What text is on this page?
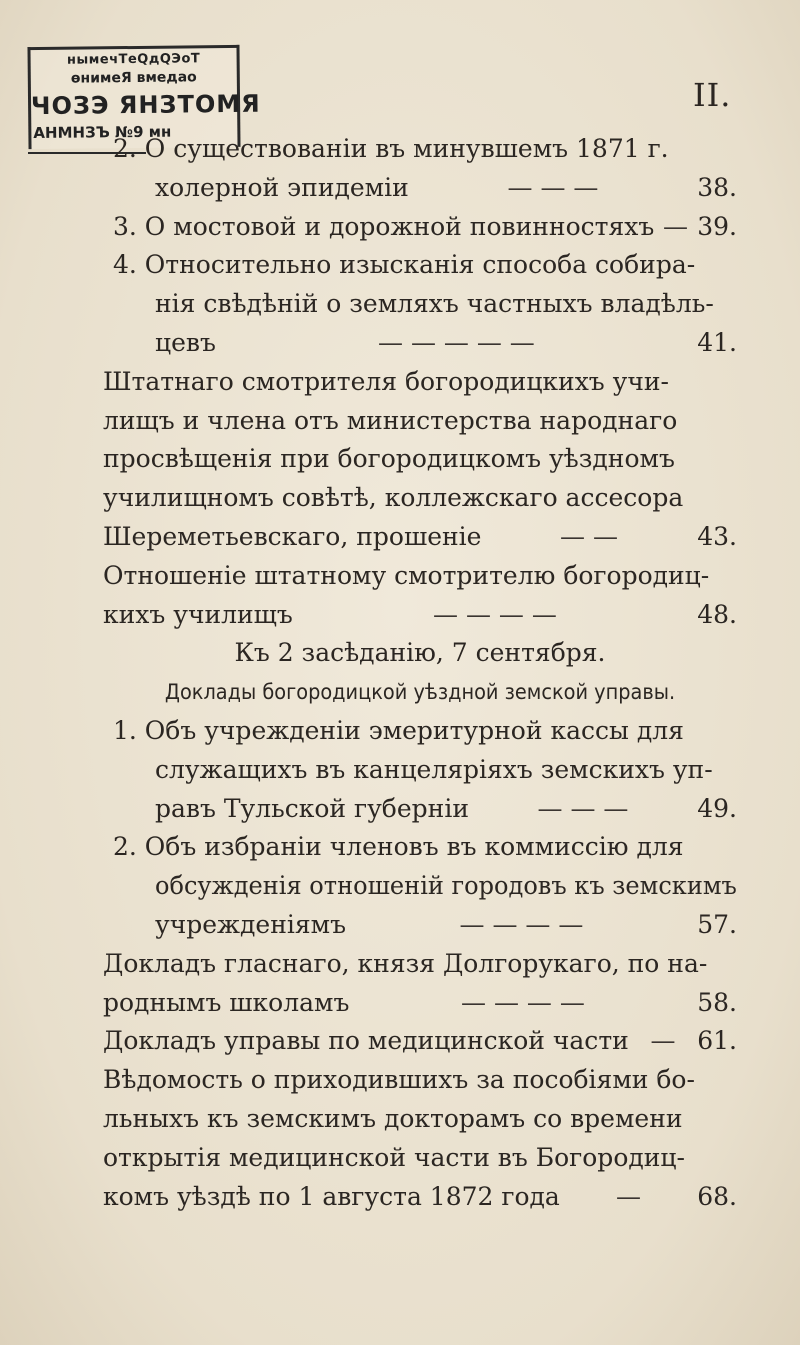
нымечТеQдQЭоТ
ѳнимеЯ вмедао
ЧОЗЭ ЯНЗТОМЯ
АНМНЗЪ №9 мн
II.
2. О существованіи въ минувшемъ 1871 г.
холерной эпидеміи	— — —	38.
3. О мостовой и дорожной повинностяхъ — 39.
4. Относительно изысканія способа собира-
нія свѣдѣній о земляхъ частныхъ владѣль-
цевъ	— — — — —	41.
Штатнаго смотрителя богородицкихъ учи-
лищъ и члена отъ министерства народнаго
просвѣщенія при богородицкомъ уѣздномъ
училищномъ совѣтѣ, коллежскаго ассесора
Шереметьевскаго, прошеніе	— —	43.
Отношеніе штатному смотрителю богородиц-
кихъ училищъ	— — — —	48.
Къ 2 засѣданію, 7 сентября.
Доклады богородицкой уѣздной земской управы.
1. Объ учрежденіи эмеритурной кассы для
служащихъ въ канцеляріяхъ земскихъ уп-
равъ Тульской губерніи	— — —	49.
2. Объ избраніи членовъ въ коммиссію для
обсужденія отношеній городовъ къ земскимъ
учрежденіямъ	— — — —	57.
Докладъ гласнаго, князя Долгорукаго, по на-
роднымъ школамъ	— — — —	58.
Докладъ управы по медицинской части — 61.
Вѣдомость о приходившихъ за пособіями бо-
льныхъ къ земскимъ докторамъ со времени
открытія медицинской части въ Богородиц-
комъ уѣздѣ по 1 августа 1872 года — 68.
